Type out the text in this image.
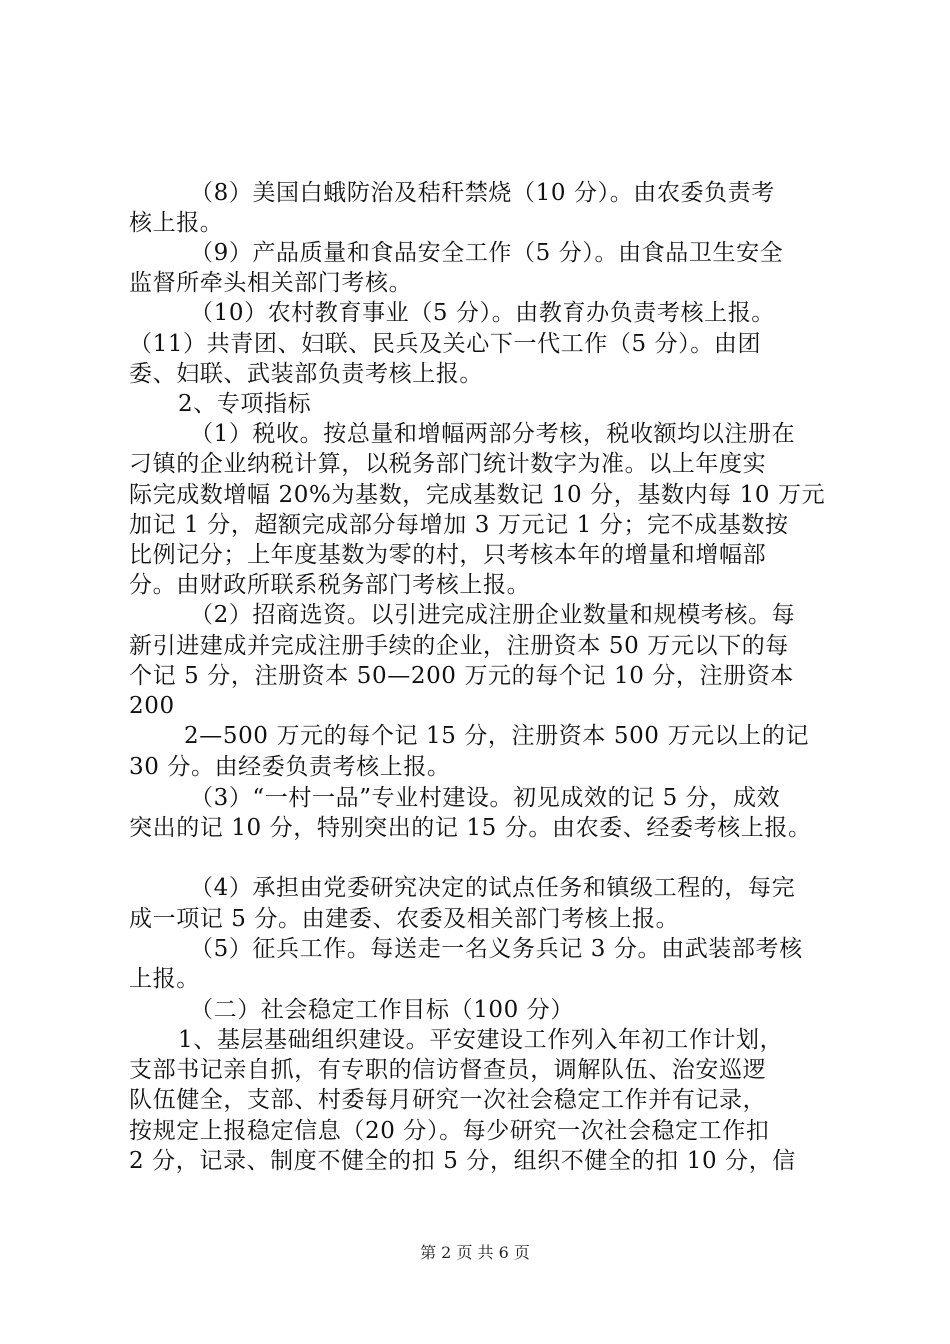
（8）美国白蛾防治及秸秆禁烧（10 分）。由农委负责考
核上报。
（9）产品质量和食品安全工作（5 分）。由食品卫生安全
监督所牵头相关部门考核。
（10）农村教育事业（5 分）。由教育办负责考核上报。
（11）共青团、妇联、民兵及关心下一代工作（5 分）。由团
委、妇联、武装部负责考核上报。
2、专项指标
（1）税收。按总量和增幅两部分考核，税收额均以注册在
刁镇的企业纳税计算，以税务部门统计数字为准。以上年度实
际完成数增幅 20%为基数，完成基数记 10 分，基数内每 10 万元
加记 1 分，超额完成部分每增加 3 万元记 1 分；完不成基数按
比例记分；上年度基数为零的村，只考核本年的增量和增幅部
分。由财政所联系税务部门考核上报。
（2）招商选资。以引进完成注册企业数量和规模考核。每
新引进建成并完成注册手续的企业，注册资本 50 万元以下的每
个记 5 分，注册资本 50—200 万元的每个记 10 分，注册资本
200
2—500 万元的每个记 15 分，注册资本 500 万元以上的记
30 分。由经委负责考核上报。
（3）“一村一品”专业村建设。初见成效的记 5 分，成效
突出的记 10 分，特别突出的记 15 分。由农委、经委考核上报。
（4）承担由党委研究决定的试点任务和镇级工程的，每完
成一项记 5 分。由建委、农委及相关部门考核上报。
（5）征兵工作。每送走一名义务兵记 3 分。由武装部考核
上报。
（二）社会稳定工作目标（100 分）
1、基层基础组织建设。平安建设工作列入年初工作计划，
支部书记亲自抓，有专职的信访督查员，调解队伍、治安巡逻
队伍健全，支部、村委每月研究一次社会稳定工作并有记录，
按规定上报稳定信息（20 分）。每少研究一次社会稳定工作扣
2 分，记录、制度不健全的扣 5 分，组织不健全的扣 10 分，信
第 2 页 共 6 页
